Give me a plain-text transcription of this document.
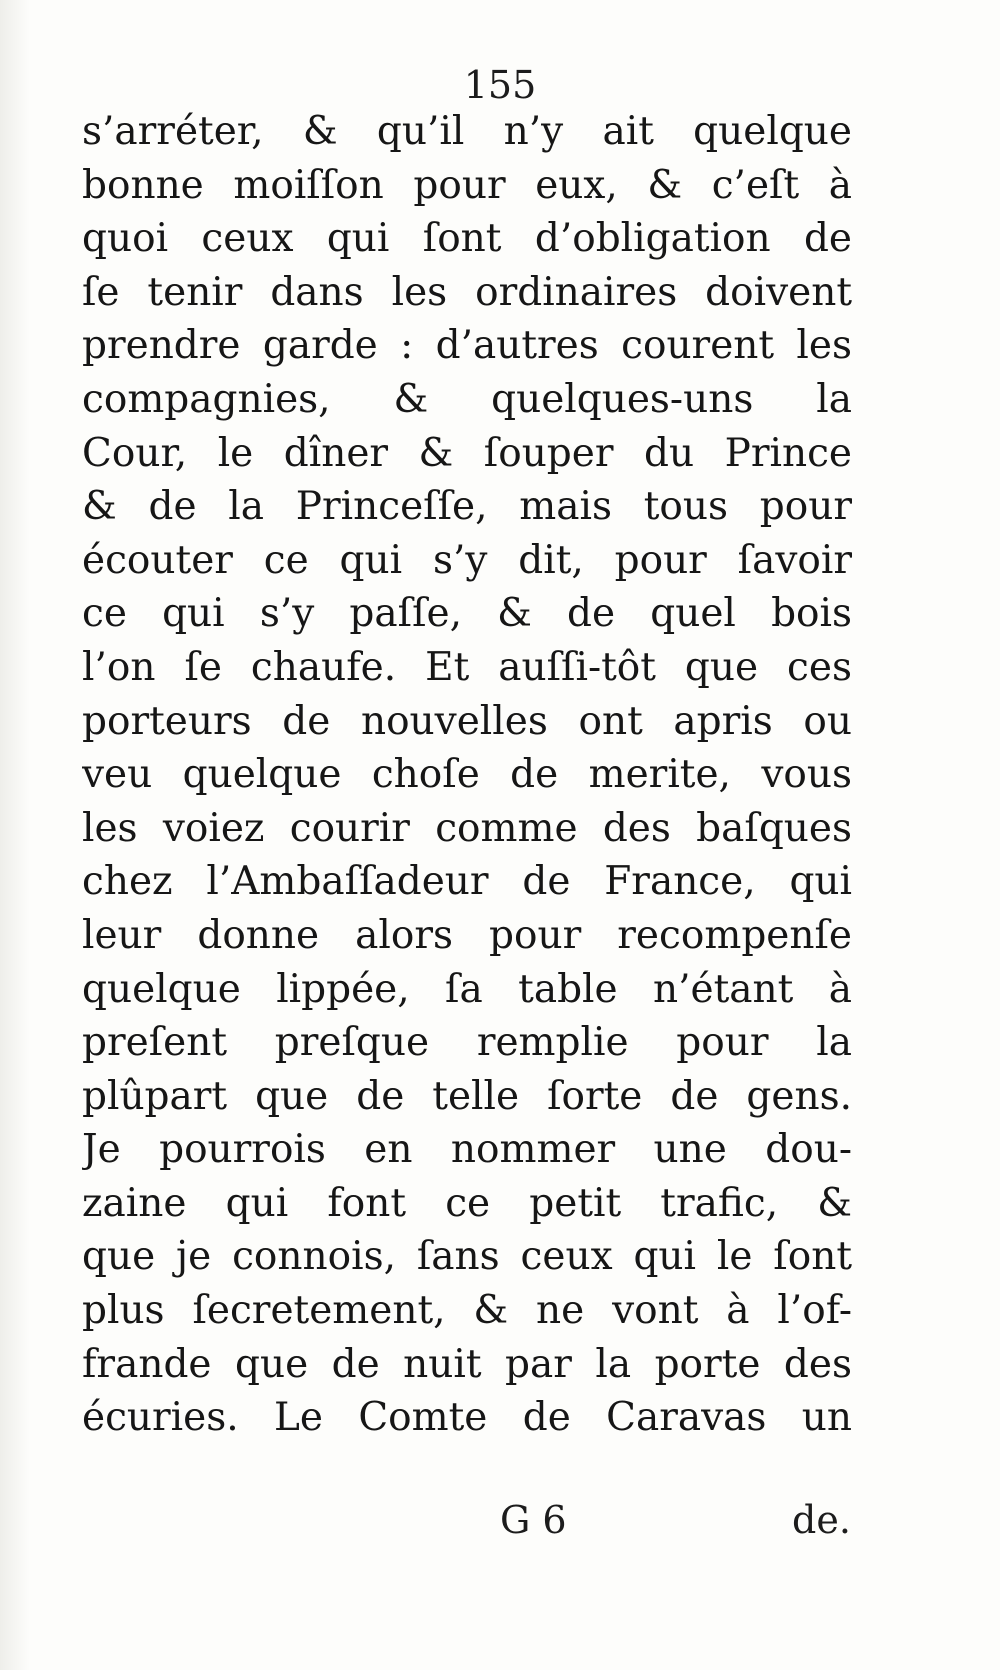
155
s’arréter, & qu’il n’y ait quelque
bonne moiſſon pour eux, & c’eſt à
quoi ceux qui ſont d’obligation de
ſe tenir dans les ordinaires doivent
prendre garde : d’autres courent les
compagnies, & quelques-uns la
Cour, le dîner & ſouper du Prince
& de la Princeſſe, mais tous pour
écouter ce qui s’y dit, pour ſavoir
ce qui s’y paſſe, & de quel bois
l’on ſe chaufe. Et auſſi-tôt que ces
porteurs de nouvelles ont apris ou
veu quelque choſe de merite, vous
les voiez courir comme des baſques
chez l’Ambaſſadeur de France, qui
leur donne alors pour recompenſe
quelque lippée, ſa table n’étant à
preſent preſque remplie pour la
plûpart que de telle ſorte de gens.
Je pourrois en nommer une dou-
zaine qui font ce petit trafic, &
que je connois, ſans ceux qui le ſont
plus ſecretement, & ne vont à l’of-
frande que de nuit par la porte des
écuries. Le Comte de Caravas un
G 6	de.
